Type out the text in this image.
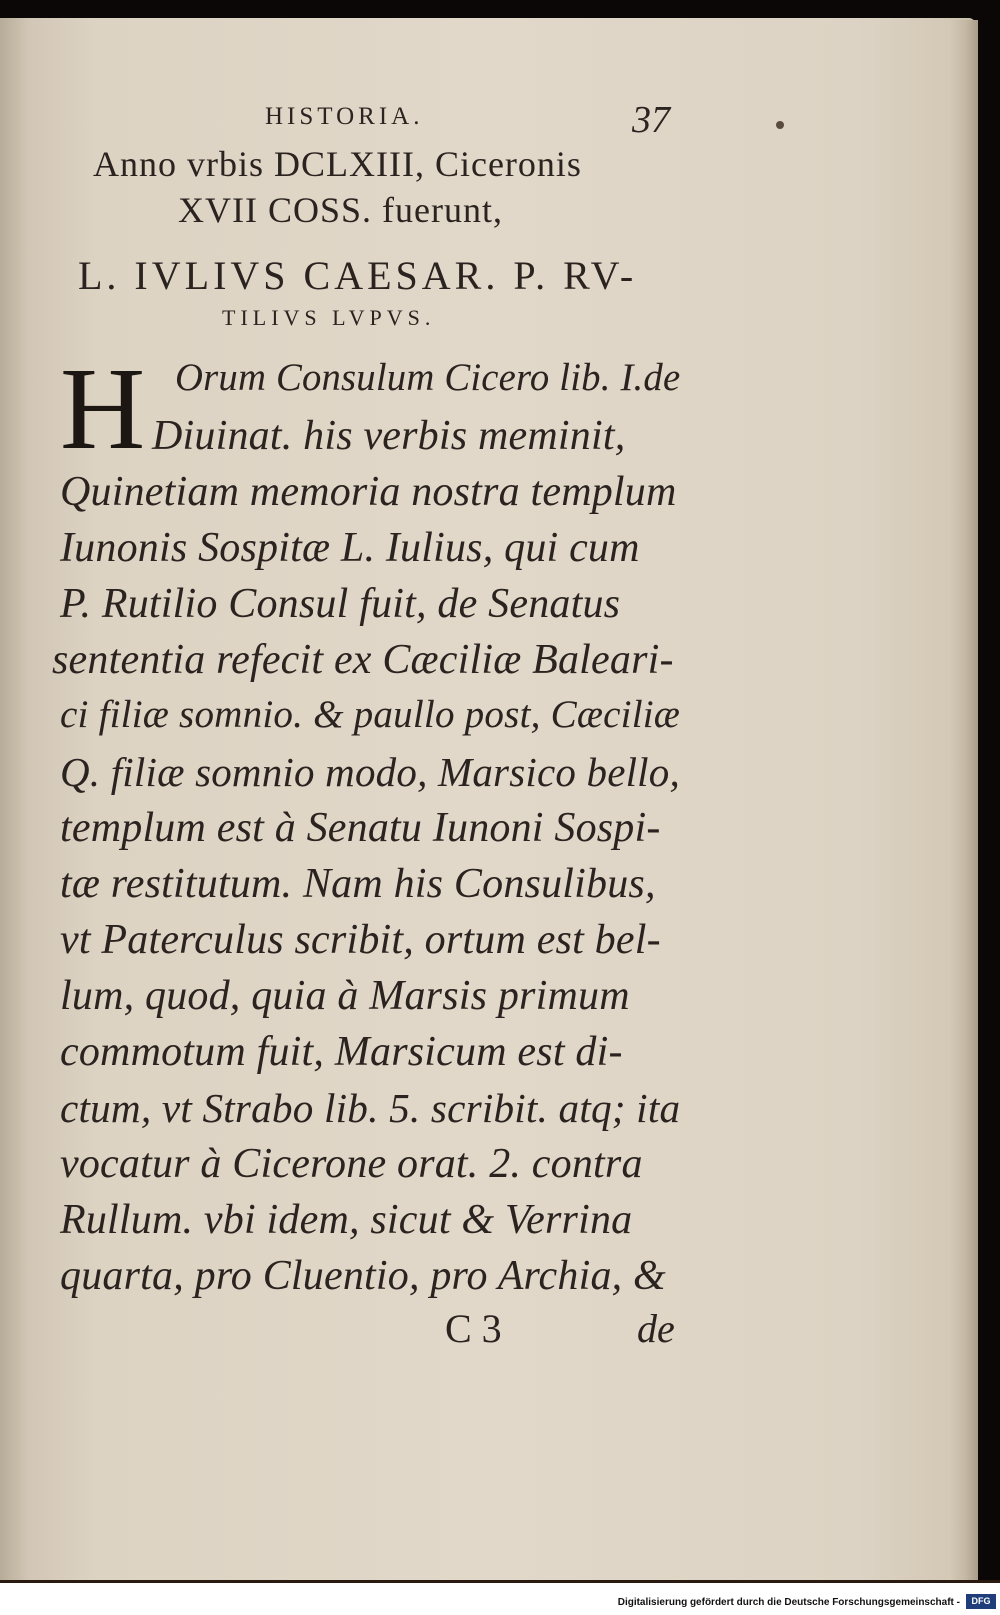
HISTORIA.	37
Anno vrbis DCLXIII, Ciceronis
XVII COSS. fuerunt,
L. IVLIVS CAESAR. P. RV-
TILIVS LVPVS.
H Orum Consulum Cicero lib. I.de
Diuinat. his verbis meminit,
Quinetiam memoria nostra templum
Iunonis Sospitæ L. Iulius, qui cum
P. Rutilio Consul fuit, de Senatus
sententia refecit ex Cæciliæ Baleari-
ci filiæ somnio. & paullo post, Cæciliæ
Q. filiæ somnio modo, Marsico bello,
templum est à Senatu Iunoni Sospi-
tæ restitutum. Nam his Consulibus,
vt Paterculus scribit, ortum est bel-
lum, quod, quia à Marsis primum
commotum fuit, Marsicum est di-
ctum, vt Strabo lib. 5. scribit. atq; ita
vocatur à Cicerone orat. 2. contra
Rullum. vbi idem, sicut & Verrina
quarta, pro Cluentio, pro Archia, &
C 3	de
Digitalisierung gefördert durch die Deutsche Forschungsgemeinschaft -	DFG
